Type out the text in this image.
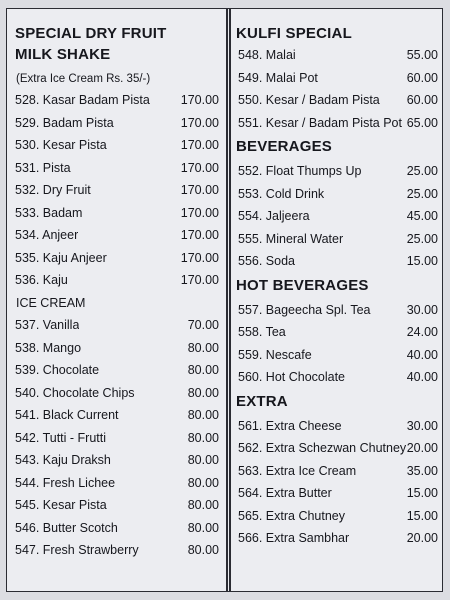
SPECIAL DRY FRUIT
MILK SHAKE
(Extra Ice Cream Rs. 35/-)
528. Kasar Badam Pista 170.00
529. Badam Pista	170.00
530. Kesar Pista	170.00
531. Pista	170.00
532. Dry Fruit	170.00
533. Badam	170.00
534. Anjeer	170.00
535. Kaju Anjeer	170.00
536. Kaju	170.00
ICE CREAM
537. Vanilla	70.00
538. Mango	80.00
539. Chocolate	80.00
540. Chocolate Chips	80.00
541. Black Current	80.00
542. Tutti - Frutti	80.00
543. Kaju Draksh	80.00
544. Fresh Lichee	80.00
545. Kesar Pista	80.00
546. Butter Scotch	80.00
547. Fresh Strawberry	80.00
KULFI SPECIAL
548. Malai	55.00
549. Malai Pot	60.00
550. Kesar / Badam Pista 60.00
551. Kesar / Badam Pista Pot 65.00
BEVERAGES
552. Float Thumps Up	25.00
553. Cold Drink	25.00
554. Jaljeera	45.00
555. Mineral Water	25.00
556. Soda	15.00
HOT BEVERAGES
557. Bageecha Spl. Tea	30.00
558. Tea	24.00
559. Nescafe	40.00
560. Hot Chocolate	40.00
EXTRA
561. Extra Cheese	30.00
562. Extra Schezwan Chutney 20.00
563. Extra Ice Cream	35.00
564. Extra Butter	15.00
565. Extra Chutney	15.00
566. Extra Sambhar	20.00
